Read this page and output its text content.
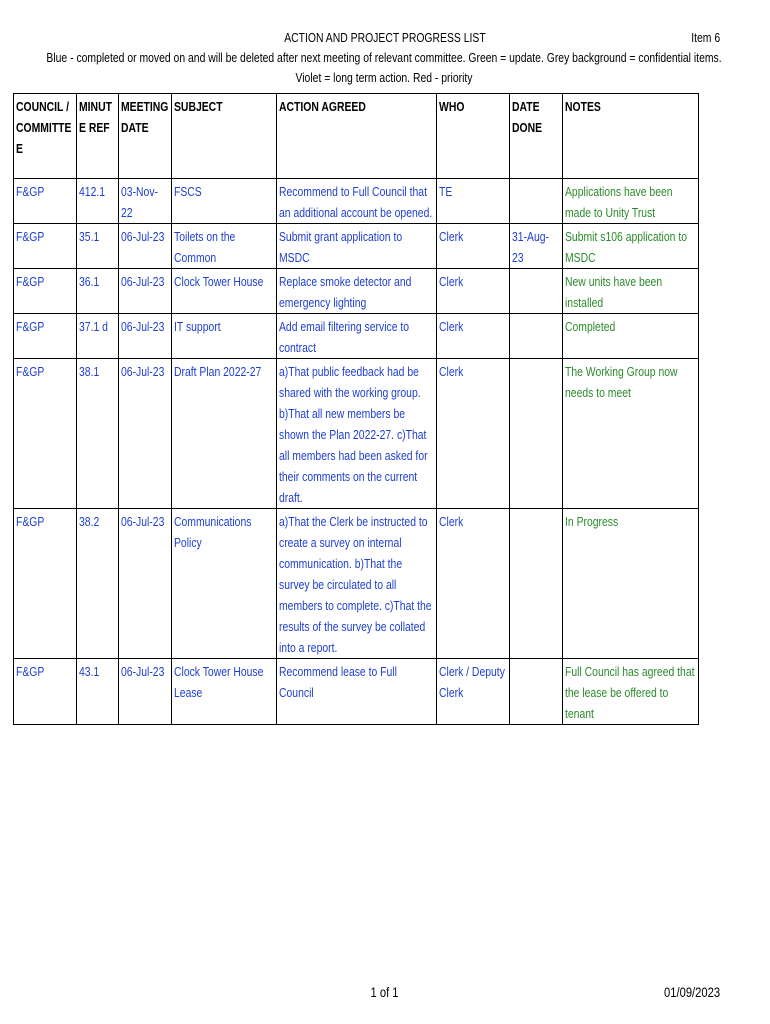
ACTION AND PROJECT PROGRESS LIST	Item 6
Blue - completed or moved on and will be deleted after next meeting of relevant committee. Green = update. Grey background = confidential items. Violet = long term action. Red - priority
COUNCIL / COMMITTEE	MINUTE REF	MEETING DATE	SUBJECT	ACTION AGREED	WHO	DATE DONE	NOTES

F&GP	412.1	03-Nov-22	FSCS	Recommend to Full Council that an additional account be opened.	TE		Applications have been made to Unity Trust

F&GP	35.1	06-Jul-23	Toilets on the Common	Submit grant application to MSDC	Clerk	31-Aug-23	Submit s106 application to MSDC

F&GP	36.1	06-Jul-23	Clock Tower House	Replace smoke detector and emergency lighting	Clerk		New units have been installed

F&GP	37.1 d	06-Jul-23	IT support	Add email filtering service to contract	Clerk		Completed

F&GP	38.1	06-Jul-23	Draft Plan 2022-27	a)That public feedback had be shared with the working group. b)That all new members be shown the Plan 2022-27. c)That all members had been asked for their comments on the current draft.	Clerk		The Working Group now needs to meet

F&GP	38.2	06-Jul-23	Communications Policy	a)That the Clerk be instructed to create a survey on internal communication. b)That the survey be circulated to all members to complete. c)That the results of the survey be collated into a report.	Clerk		In Progress

F&GP	43.1	06-Jul-23	Clock Tower House Lease	Recommend lease to Full Council	Clerk / Deputy Clerk		Full Council has agreed that the lease be offered to tenant
1 of 1	01/09/2023
